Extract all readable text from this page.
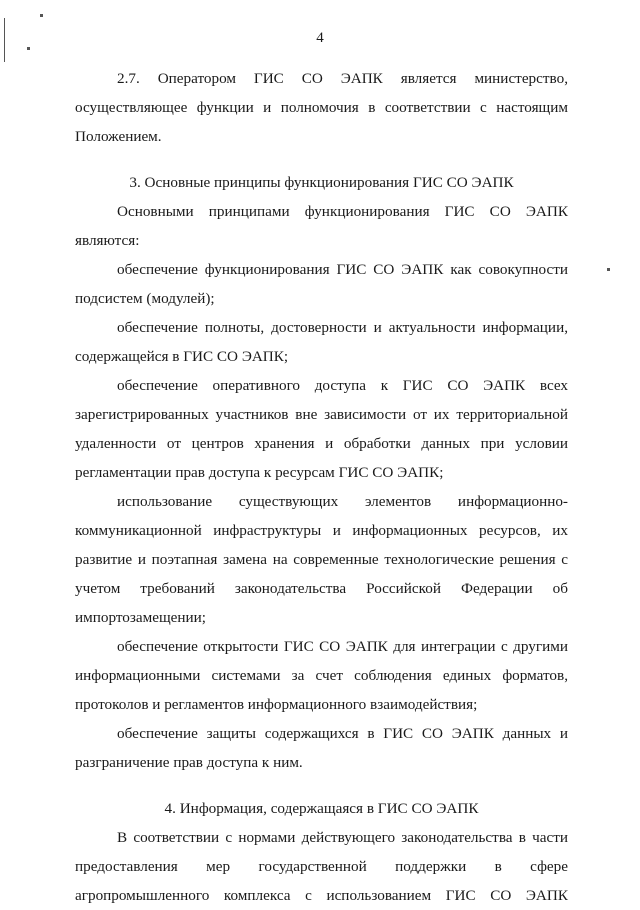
4

2.7. Оператором ГИС СО ЭАПК является министерство, осуществляющее функции и полномочия в соответствии с настоящим Положением.

3. Основные принципы функционирования ГИС СО ЭАПК

Основными принципами функционирования ГИС СО ЭАПК являются:

обеспечение функционирования ГИС СО ЭАПК как совокупности подсистем (модулей);

обеспечение полноты, достоверности и актуальности информации, содержащейся в ГИС СО ЭАПК;

обеспечение оперативного доступа к ГИС СО ЭАПК всех зарегистрированных участников вне зависимости от их территориальной удаленности от центров хранения и обработки данных при условии регламентации прав доступа к ресурсам ГИС СО ЭАПК;

использование существующих элементов информационно-коммуникационной инфраструктуры и информационных ресурсов, их развитие и поэтапная замена на современные технологические решения с учетом требований законодательства Российской Федерации об импортозамещении;

обеспечение открытости ГИС СО ЭАПК для интеграции с другими информационными системами за счет соблюдения единых форматов, протоколов и регламентов информационного взаимодействия;

обеспечение защиты содержащихся в ГИС СО ЭАПК данных и разграничение прав доступа к ним.

4. Информация, содержащаяся в ГИС СО ЭАПК

В соответствии с нормами действующего законодательства в части предоставления мер государственной поддержки в сфере агропромышленного комплекса с использованием ГИС СО ЭАПК
